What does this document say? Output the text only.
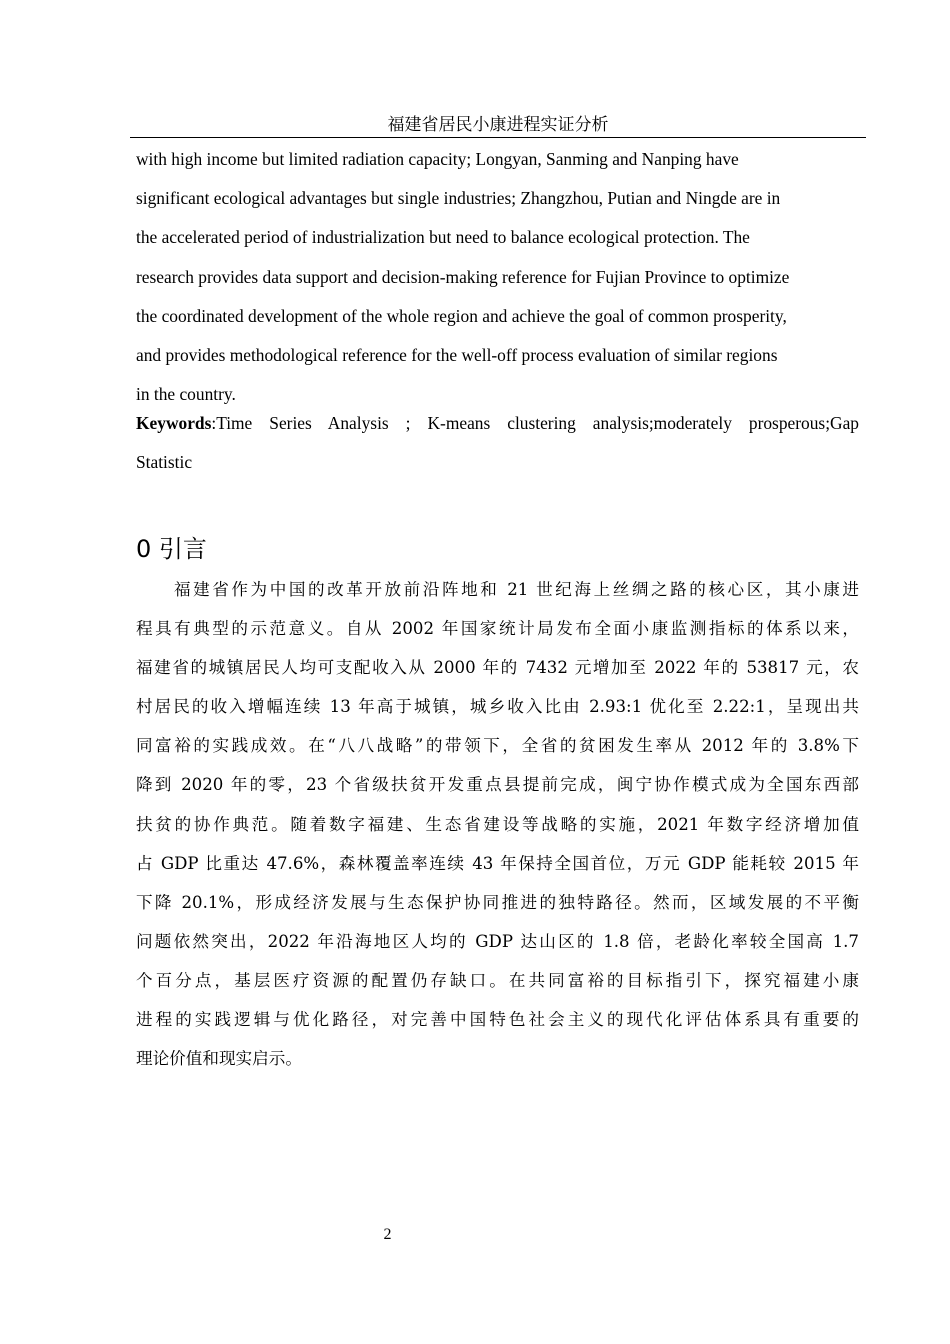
福建省居民小康进程实证分析
with high income but limited radiation capacity; Longyan, Sanming and Nanping have
significant ecological advantages but single industries; Zhangzhou, Putian and Ningde are in
the accelerated period of industrialization but need to balance ecological protection. The
research provides data support and decision-making reference for Fujian Province to optimize
the coordinated development of the whole region and achieve the goal of common prosperity,
and provides methodological reference for the well-off process evaluation of similar regions
in the country.
Keywords:Time Series Analysis ; K-means clustering analysis;moderately prosperous;Gap
Statistic
0 引言
福建省作为中国的改革开放前沿阵地和 21 世纪海上丝绸之路的核心区，其小康进
程具有典型的示范意义。自从 2002 年国家统计局发布全面小康监测指标的体系以来，
福建省的城镇居民人均可支配收入从 2000 年的 7432 元增加至 2022 年的 53817 元，农
村居民的收入增幅连续 13 年高于城镇，城乡收入比由 2.93:1 优化至 2.22:1，呈现出共
同富裕的实践成效。在“八八战略”的带领下，全省的贫困发生率从 2012 年的 3.8%下
降到 2020 年的零，23 个省级扶贫开发重点县提前完成，闽宁协作模式成为全国东西部
扶贫的协作典范。随着数字福建、生态省建设等战略的实施，2021 年数字经济增加值
占 GDP 比重达 47.6%，森林覆盖率连续 43 年保持全国首位，万元 GDP 能耗较 2015 年
下降 20.1%，形成经济发展与生态保护协同推进的独特路径。然而，区域发展的不平衡
问题依然突出，2022 年沿海地区人均的 GDP 达山区的 1.8 倍，老龄化率较全国高 1.7
个百分点，基层医疗资源的配置仍存缺口。在共同富裕的目标指引下，探究福建小康
进程的实践逻辑与优化路径，对完善中国特色社会主义的现代化评估体系具有重要的
理论价值和现实启示。
2
